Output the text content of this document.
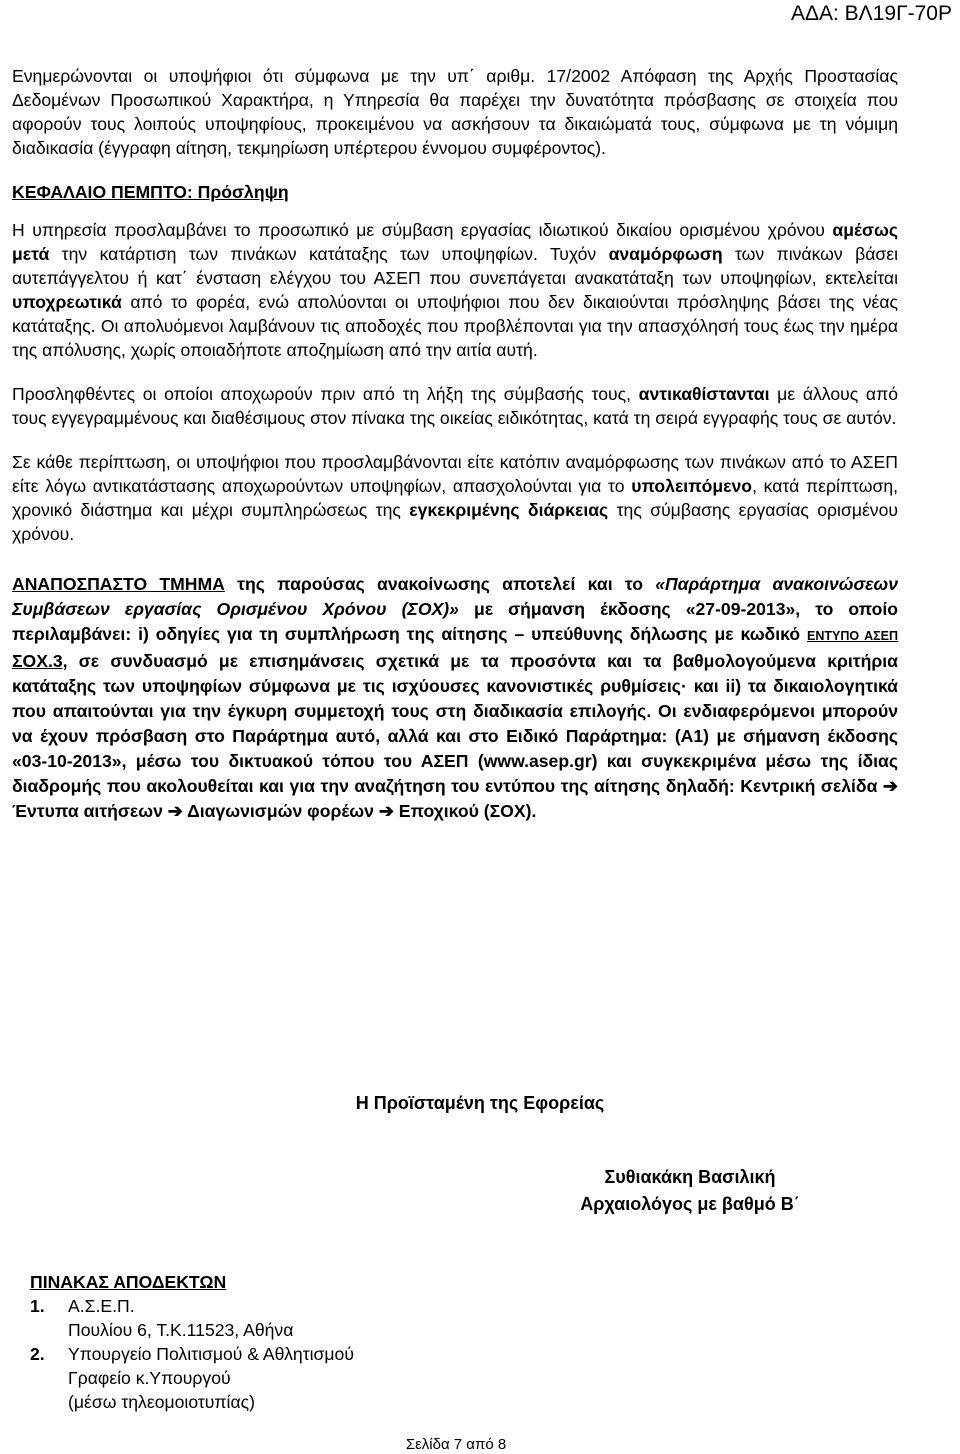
ΑΔΑ: ΒΛ19Γ-70Ρ

Ενημερώνονται οι υποψήφιοι ότι σύμφωνα με την υπ΄ αριθμ. 17/2002 Απόφαση της Αρχής Προστασίας Δεδομένων Προσωπικού Χαρακτήρα, η Υπηρεσία θα παρέχει την δυνατότητα πρόσβασης σε στοιχεία που αφορούν τους λοιπούς υποψηφίους, προκειμένου να ασκήσουν τα δικαιώματά τους, σύμφωνα με τη νόμιμη διαδικασία (έγγραφη αίτηση, τεκμηρίωση υπέρτερου έννομου συμφέροντος).

ΚΕΦΑΛΑΙΟ ΠΕΜΠΤΟ: Πρόσληψη

Η υπηρεσία προσλαμβάνει το προσωπικό με σύμβαση εργασίας ιδιωτικού δικαίου ορισμένου χρόνου αμέσως μετά την κατάρτιση των πινάκων κατάταξης των υποψηφίων. Τυχόν αναμόρφωση των πινάκων βάσει αυτεπάγγελτου ή κατ΄ ένσταση ελέγχου του ΑΣΕΠ που συνεπάγεται ανακατάταξη των υποψηφίων, εκτελείται υποχρεωτικά από το φορέα, ενώ απολύονται οι υποψήφιοι που δεν δικαιούνται πρόσληψης βάσει της νέας κατάταξης. Οι απολυόμενοι λαμβάνουν τις αποδοχές που προβλέπονται για την απασχόλησή τους έως την ημέρα της απόλυσης, χωρίς οποιαδήποτε αποζημίωση από την αιτία αυτή.

Προσληφθέντες οι οποίοι αποχωρούν πριν από τη λήξη της σύμβασής τους, αντικαθίστανται με άλλους από τους εγγεγραμμένους και διαθέσιμους στον πίνακα της οικείας ειδικότητας, κατά τη σειρά εγγραφής τους σε αυτόν.

Σε κάθε περίπτωση, οι υποψήφιοι που προσλαμβάνονται είτε κατόπιν αναμόρφωσης των πινάκων από το ΑΣΕΠ είτε λόγω αντικατάστασης αποχωρούντων υποψηφίων, απασχολούνται για το υπολειπόμενο, κατά περίπτωση, χρονικό διάστημα και μέχρι συμπληρώσεως της εγκεκριμένης διάρκειας της σύμβασης εργασίας ορισμένου χρόνου.

ΑΝΑΠΟΣΠΑΣΤΟ ΤΜΗΜΑ της παρούσας ανακοίνωσης αποτελεί και το «Παράρτημα ανακοινώσεων Συμβάσεων εργασίας Ορισμένου Χρόνου (ΣΟΧ)» με σήμανση έκδοσης «27-09-2013», το οποίο περιλαμβάνει: i) οδηγίες για τη συμπλήρωση της αίτησης – υπεύθυνης δήλωσης με κωδικό ΕΝΤΥΠΟ ΑΣΕΠ ΣΟΧ.3, σε συνδυασμό με επισημάνσεις σχετικά με τα προσόντα και τα βαθμολογούμενα κριτήρια κατάταξης των υποψηφίων σύμφωνα με τις ισχύουσες κανονιστικές ρυθμίσεις· και ii) τα δικαιολογητικά που απαιτούνται για την έγκυρη συμμετοχή τους στη διαδικασία επιλογής. Οι ενδιαφερόμενοι μπορούν να έχουν πρόσβαση στο Παράρτημα αυτό, αλλά και στο Ειδικό Παράρτημα: (Α1) με σήμανση έκδοσης «03-10-2013», μέσω του δικτυακού τόπου του ΑΣΕΠ (www.asep.gr) και συγκεκριμένα μέσω της ίδιας διαδρομής που ακολουθείται και για την αναζήτηση του εντύπου της αίτησης δηλαδή: Κεντρική σελίδα ➔ Έντυπα αιτήσεων ➔ Διαγωνισμών φορέων ➔ Εποχικού (ΣΟΧ).
Η Προϊσταμένη της Εφορείας
Συθιακάκη Βασιλική
Αρχαιολόγος με βαθμό Β΄
ΠΙΝΑΚΑΣ ΑΠΟΔΕΚΤΩΝ
1.	Α.Σ.Ε.Π.
Πουλίου 6, Τ.Κ.11523, Αθήνα
2.	Υπουργείο Πολιτισμού & Αθλητισμού
Γραφείο κ.Υπουργού
(μέσω τηλεομοιοτυπίας)
Σελίδα 7 από 8
